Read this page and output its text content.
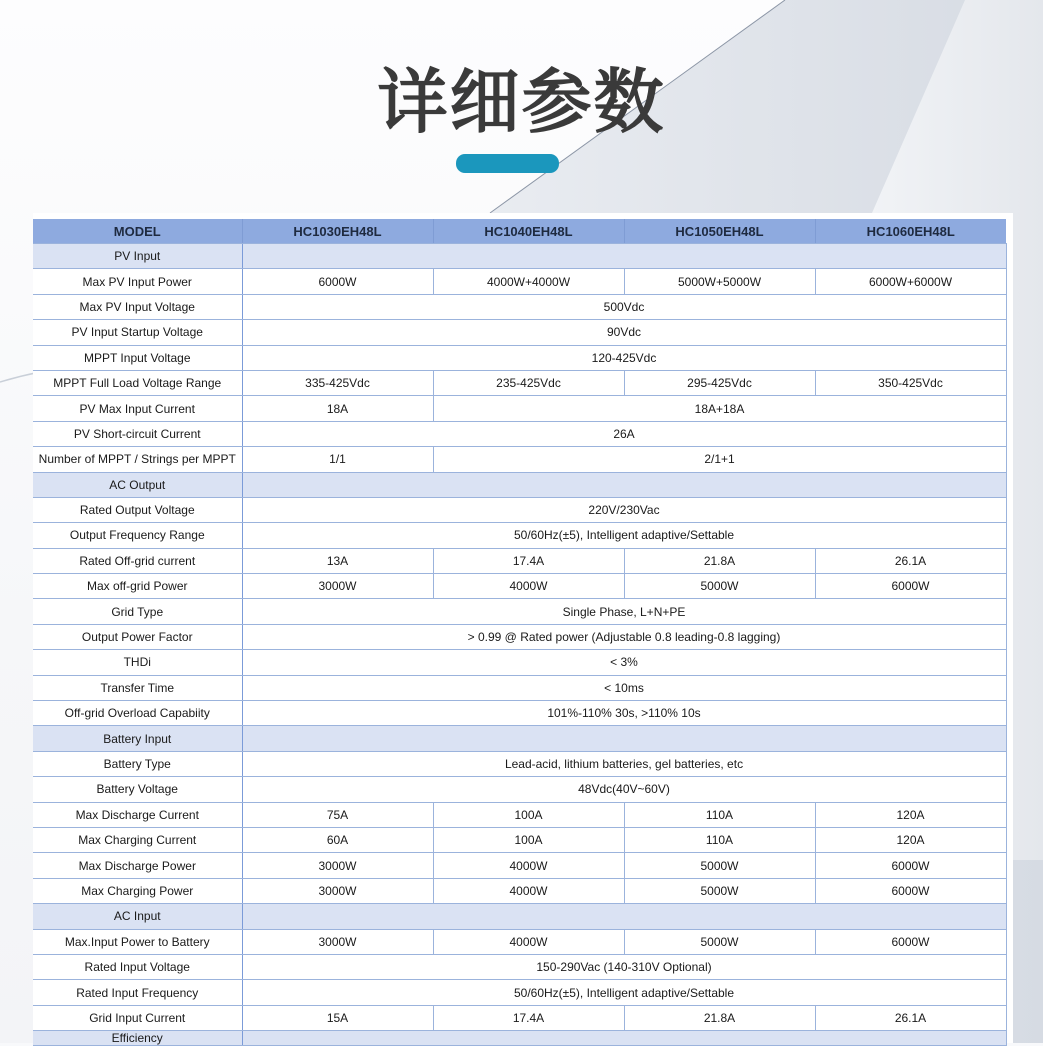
详细参数
MODEL	HC1030EH48L	HC1040EH48L	HC1050EH48L	HC1060EH48L
PV Input				
Max PV Input Power	6000W	4000W+4000W	5000W+5000W	6000W+6000W
Max PV Input Voltage	500Vdc			
PV Input Startup Voltage	90Vdc			
MPPT Input Voltage	120-425Vdc			
MPPT Full Load Voltage Range	335-425Vdc	235-425Vdc	295-425Vdc	350-425Vdc
PV Max Input Current	18A	18A+18A		
PV Short-circuit Current	26A			
Number of MPPT / Strings per MPPT	1/1	2/1+1		
AC Output				
Rated Output Voltage	220V/230Vac			
Output Frequency Range	50/60Hz(±5), Intelligent adaptive/Settable			
Rated Off-grid current	13A	17.4A	21.8A	26.1A
Max off-grid Power	3000W	4000W	5000W	6000W
Grid Type	Single Phase, L+N+PE			
Output Power Factor	> 0.99 @ Rated power (Adjustable 0.8 leading-0.8 lagging)			
THDi	< 3%			
Transfer Time	< 10ms			
Off-grid Overload Capabiity	101%-110% 30s, >110% 10s			
Battery Input				
Battery Type	Lead-acid, lithium batteries, gel batteries, etc			
Battery Voltage	48Vdc(40V~60V)			
Max Discharge Current	75A	100A	110A	120A
Max Charging Current	60A	100A	110A	120A
Max Discharge Power	3000W	4000W	5000W	6000W
Max Charging Power	3000W	4000W	5000W	6000W
AC Input				
Max.Input Power to Battery	3000W	4000W	5000W	6000W
Rated Input Voltage	150-290Vac (140-310V Optional)			
Rated Input Frequency	50/60Hz(±5), Intelligent adaptive/Settable			
Grid Input Current	15A	17.4A	21.8A	26.1A
Efficiency				
